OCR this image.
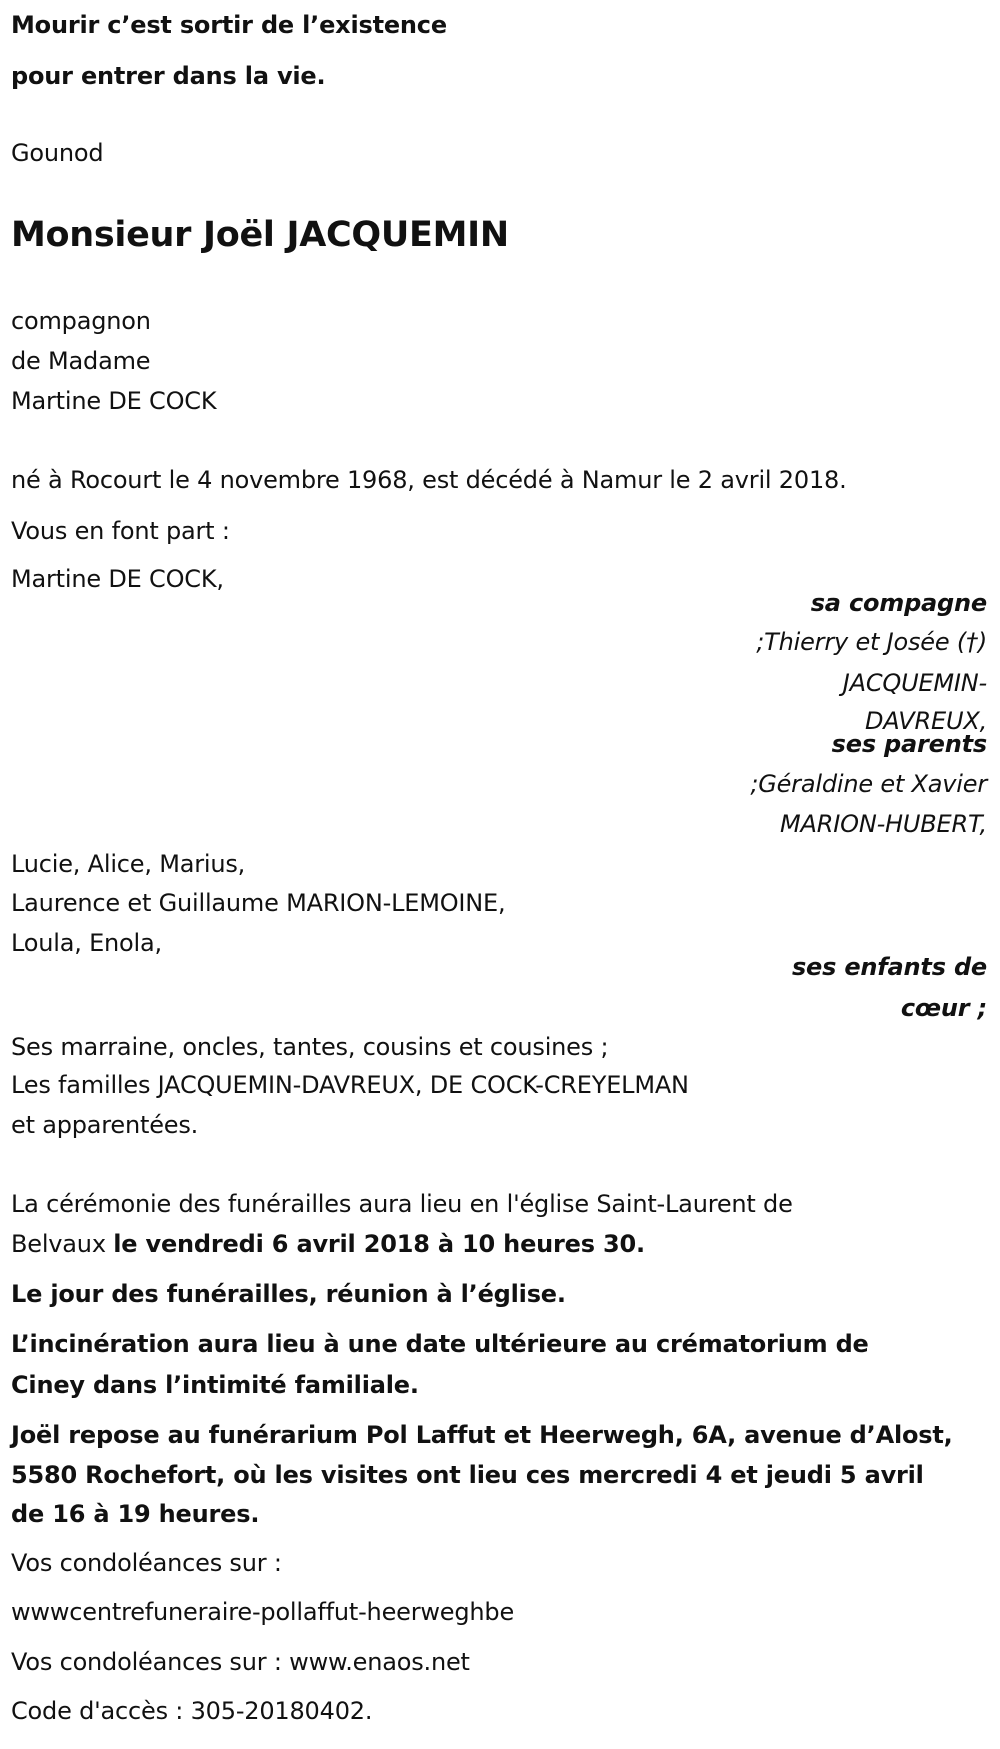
Mourir c’est sortir de l’existence
pour entrer dans la vie.
Gounod
Monsieur Joël JACQUEMIN
compagnon
de Madame
Martine DE COCK
né à Rocourt le 4 novembre 1968, est décédé à Namur le 2 avril 2018.
Vous en font part :
Martine DE COCK,
sa compagne
;Thierry et Josée (†)
JACQUEMIN-
DAVREUX,
ses parents
;Géraldine et Xavier
MARION-HUBERT,
Lucie, Alice, Marius,
Laurence et Guillaume MARION-LEMOINE,
Loula, Enola,
ses enfants de
cœur ;
Ses marraine, oncles, tantes, cousins et cousines ;
Les familles JACQUEMIN-DAVREUX, DE COCK-CREYELMAN
et apparentées.
La cérémonie des funérailles aura lieu en l'église Saint-Laurent de
Belvaux le vendredi 6 avril 2018 à 10 heures 30.
Le jour des funérailles, réunion à l’église.
L’incinération aura lieu à une date ultérieure au crématorium de
Ciney dans l’intimité familiale.
Joël repose au funérarium Pol Laffut et Heerwegh, 6A, avenue d’Alost,
5580 Rochefort, où les visites ont lieu ces mercredi 4 et jeudi 5 avril
de 16 à 19 heures.
Vos condoléances sur :
wwwcentrefuneraire-pollaffut-heerweghbe
Vos condoléances sur : www.enaos.net
Code d'accès : 305-20180402.
